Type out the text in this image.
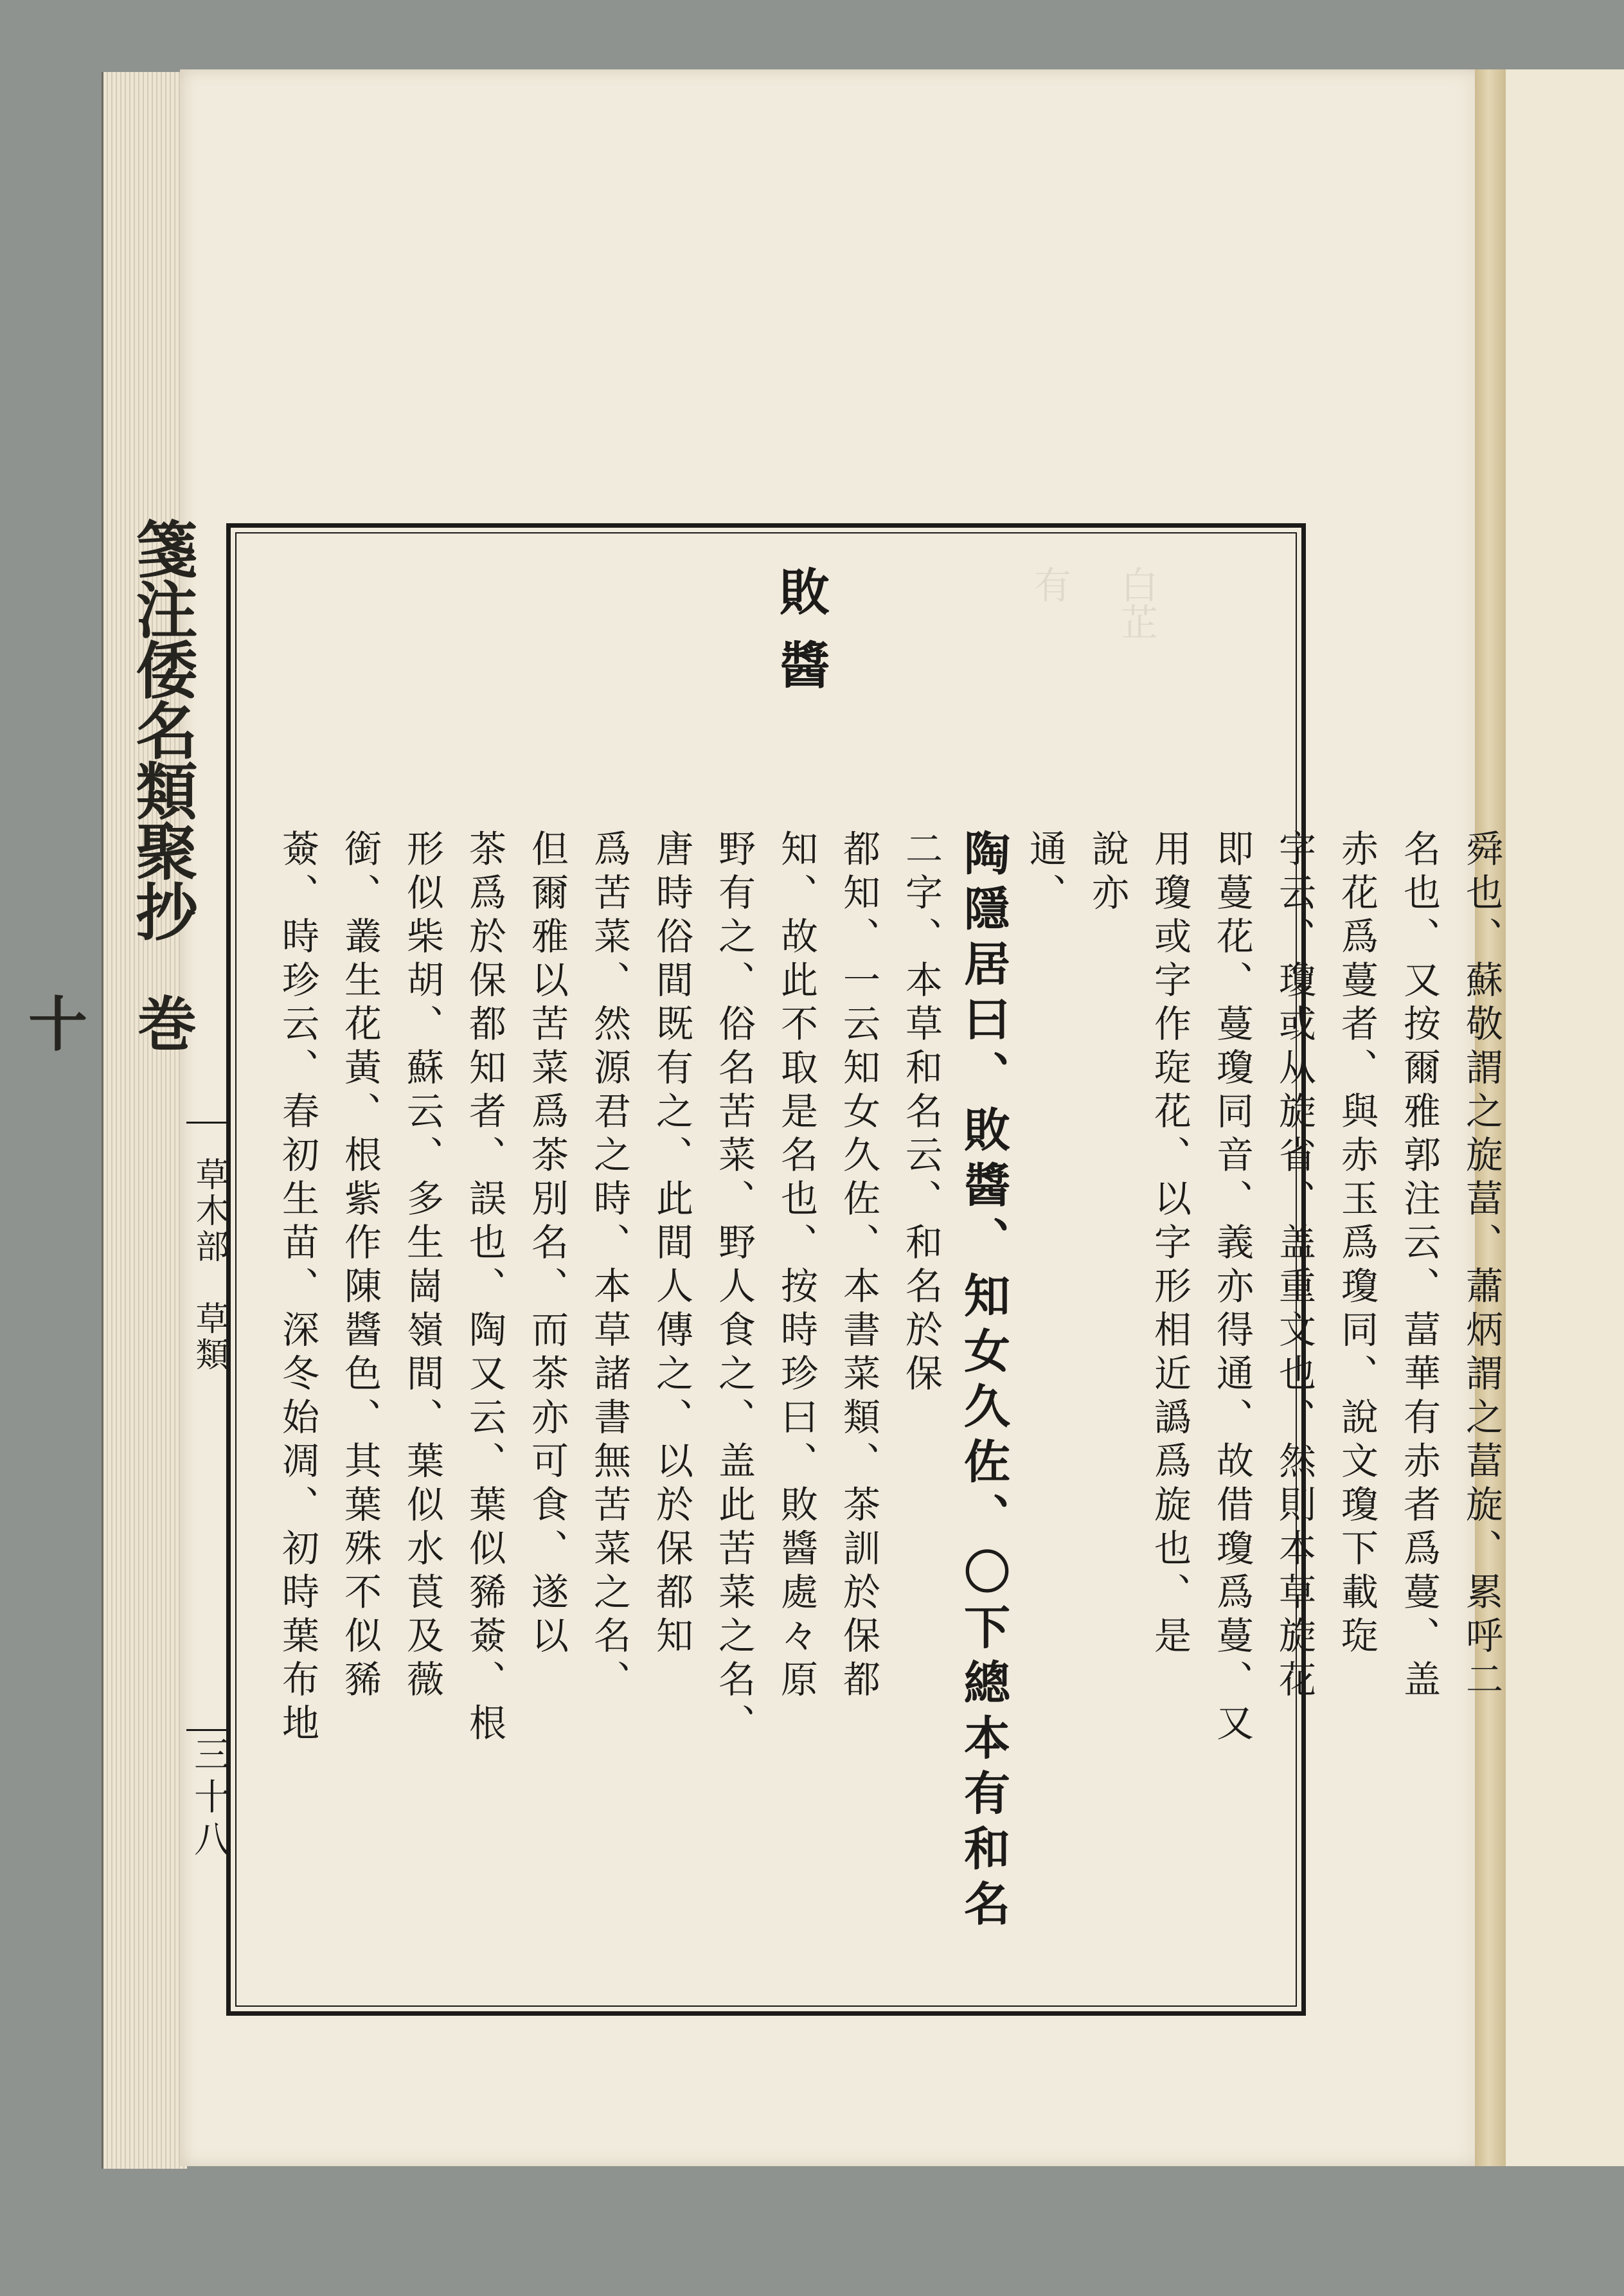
白芷
有
箋注倭名類聚抄
巻十
草木部　草類
三十八
敗醬
舜也、蘇敬謂之旋葍、蕭炳謂之葍旋、累呼二
名也、又按爾雅郭注云、葍華有赤者爲蔓、盖
赤花爲蔓者、與赤玉爲瓊同、說文瓊下載琁
字云、瓊或从旋省、盖重文也、然則本草旋花
即蔓花、蔓瓊同音、義亦得通、故借瓊爲蔓、又
用瓊或字作琁花、以字形相近譌爲旋也、是
說亦
通、
陶隱居曰、敗醬、知女久佐、〇下總本有和名
二字、本草和名云、和名於保
都知、一云知女久佐、本書菜類、茶訓於保都
知、故此不取是名也、按時珍曰、敗醬處々原
野有之、俗名苦菜、野人食之、盖此苦菜之名、
唐時俗間既有之、此間人傳之、以於保都知
爲苦菜、然源君之時、本草諸書無苦菜之名、
但爾雅以苦菜爲茶別名、而茶亦可食、遂以
茶爲於保都知者、誤也、陶又云、葉似豨薟、根
形似柴胡、蘇云、多生崗嶺間、葉似水莨及薇
銜、叢生花黃、根紫作陳醬色、其葉殊不似豨
薟、時珍云、春初生苗、深冬始凋、初時葉布地
